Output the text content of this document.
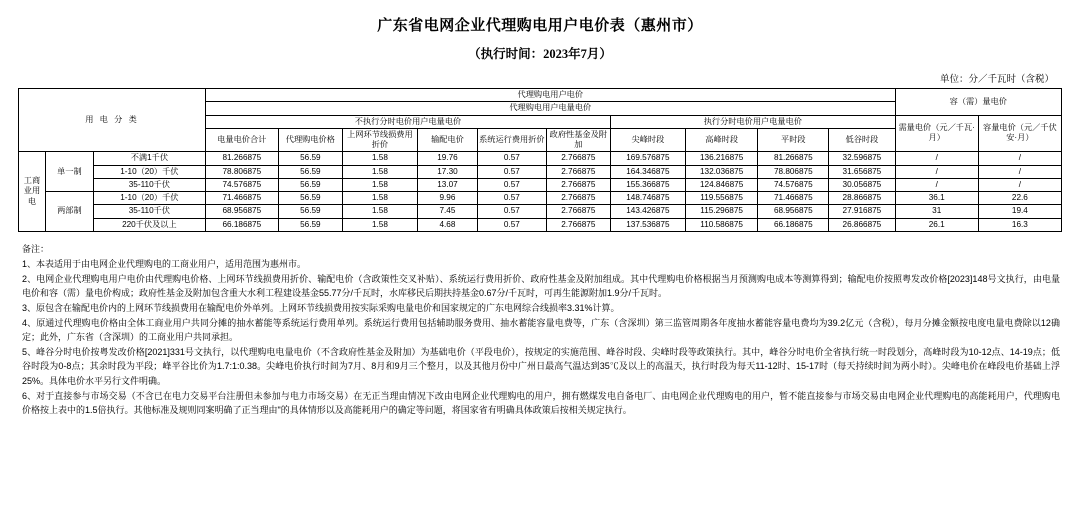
广东省电网企业代理购电用户电价表（惠州市）
（执行时间：2023年7月）
单位：分／千瓦时（含税）
用 电 分 类			代理购电用户电价										容（需）量电价	
			代理购电用户电量电价											
			不执行分时电价用户电量电价						执行分时电价用户电量电价				需量电价（元／千瓦·月）	容量电价（元／千伏安·月）
			电量电价合计	代理购电价格	上网环节线损费用折价	输配电价	系统运行费用折价	政府性基金及附加	尖峰时段	高峰时段	平时段	低谷时段		
工商业用电	单一制	不满1千伏	81.266875	56.59	1.58	19.76	0.57	2.766875	169.576875	136.216875	81.266875	32.596875	/	/
		1-10（20）千伏	78.806875	56.59	1.58	17.30	0.57	2.766875	164.346875	132.036875	78.806875	31.656875	/	/
		35-110千伏	74.576875	56.59	1.58	13.07	0.57	2.766875	155.366875	124.846875	74.576875	30.056875	/	/
	两部制	1-10（20）千伏	71.466875	56.59	1.58	9.96	0.57	2.766875	148.746875	119.556875	71.466875	28.866875	36.1	22.6
		35-110千伏	68.956875	56.59	1.58	7.45	0.57	2.766875	143.426875	115.296875	68.956875	27.916875	31	19.4
		220千伏及以上	66.186875	56.59	1.58	4.68	0.57	2.766875	137.536875	110.586875	66.186875	26.866875	26.1	16.3

备注：

1、本表适用于由电网企业代理购电的工商业用户，适用范围为惠州市。

2、电网企业代理购电用户电价由代理购电价格、上网环节线损费用折价、输配电价（含政策性交叉补贴）、系统运行费用折价、政府性基金及附加组成。其中代理购电价格根据当月预测购电成本等测算得到；输配电价按照粤发改价格[2023]148号文执行，由电量电价和容（需）量电价构成；政府性基金及附加包含重大水利工程建设基金55.77分/千瓦时，水库移民后期扶持基金0.67分/千瓦时，可再生能源附加1.9分/千瓦时。

3、原包含在输配电价内的上网环节线损费用在输配电价外单列。上网环节线损费用按实际采购电量电价和国家规定的广东电网综合线损率3.31%计算。

4、原通过代理购电价格由全体工商业用户共同分摊的抽水蓄能等系统运行费用单列。系统运行费用包括辅助服务费用、抽水蓄能容量电费等，广东（含深圳）第三监管周期各年度抽水蓄能容量电费均为39.2亿元（含税），每月分摊金额按电度电量电费除以12确定；此外，广东省（含深圳）的工商业用户共同承担。

5、峰谷分时电价按粤发改价格[2021]331号文执行，以代理购电电量电价（不含政府性基金及附加）为基础电价（平段电价），按规定的实施范围、峰谷时段、尖峰时段等政策执行。其中，峰谷分时电价全省执行统一时段划分，高峰时段为10-12点、14-19点；低谷时段为0-8点；其余时段为平段；峰平谷比价为1.7:1:0.38。尖峰电价执行时间为7月、8月和9月三个整月，以及其他月份中广州日最高气温达到35℃及以上的高温天，执行时段为每天11-12时、15-17时（每天持续时间为两小时）。尖峰电价在峰段电价基础上浮25%。具体电价水平另行文件明确。

6、对于直接参与市场交易（不含已在电力交易平台注册但未参加与电力市场交易）在无正当理由情况下改由电网企业代理购电的用户，拥有燃煤发电自备电厂、由电网企业代理购电的用户，暂不能直接参与市场交易由电网企业代理购电的高能耗用户，代理购电价格按上表中的1.5倍执行。其他标准及规则同案明确了正当理由"的具体情形以及高能耗用户的确定等问题，将国家省有明确具体政策后按相关规定执行。
